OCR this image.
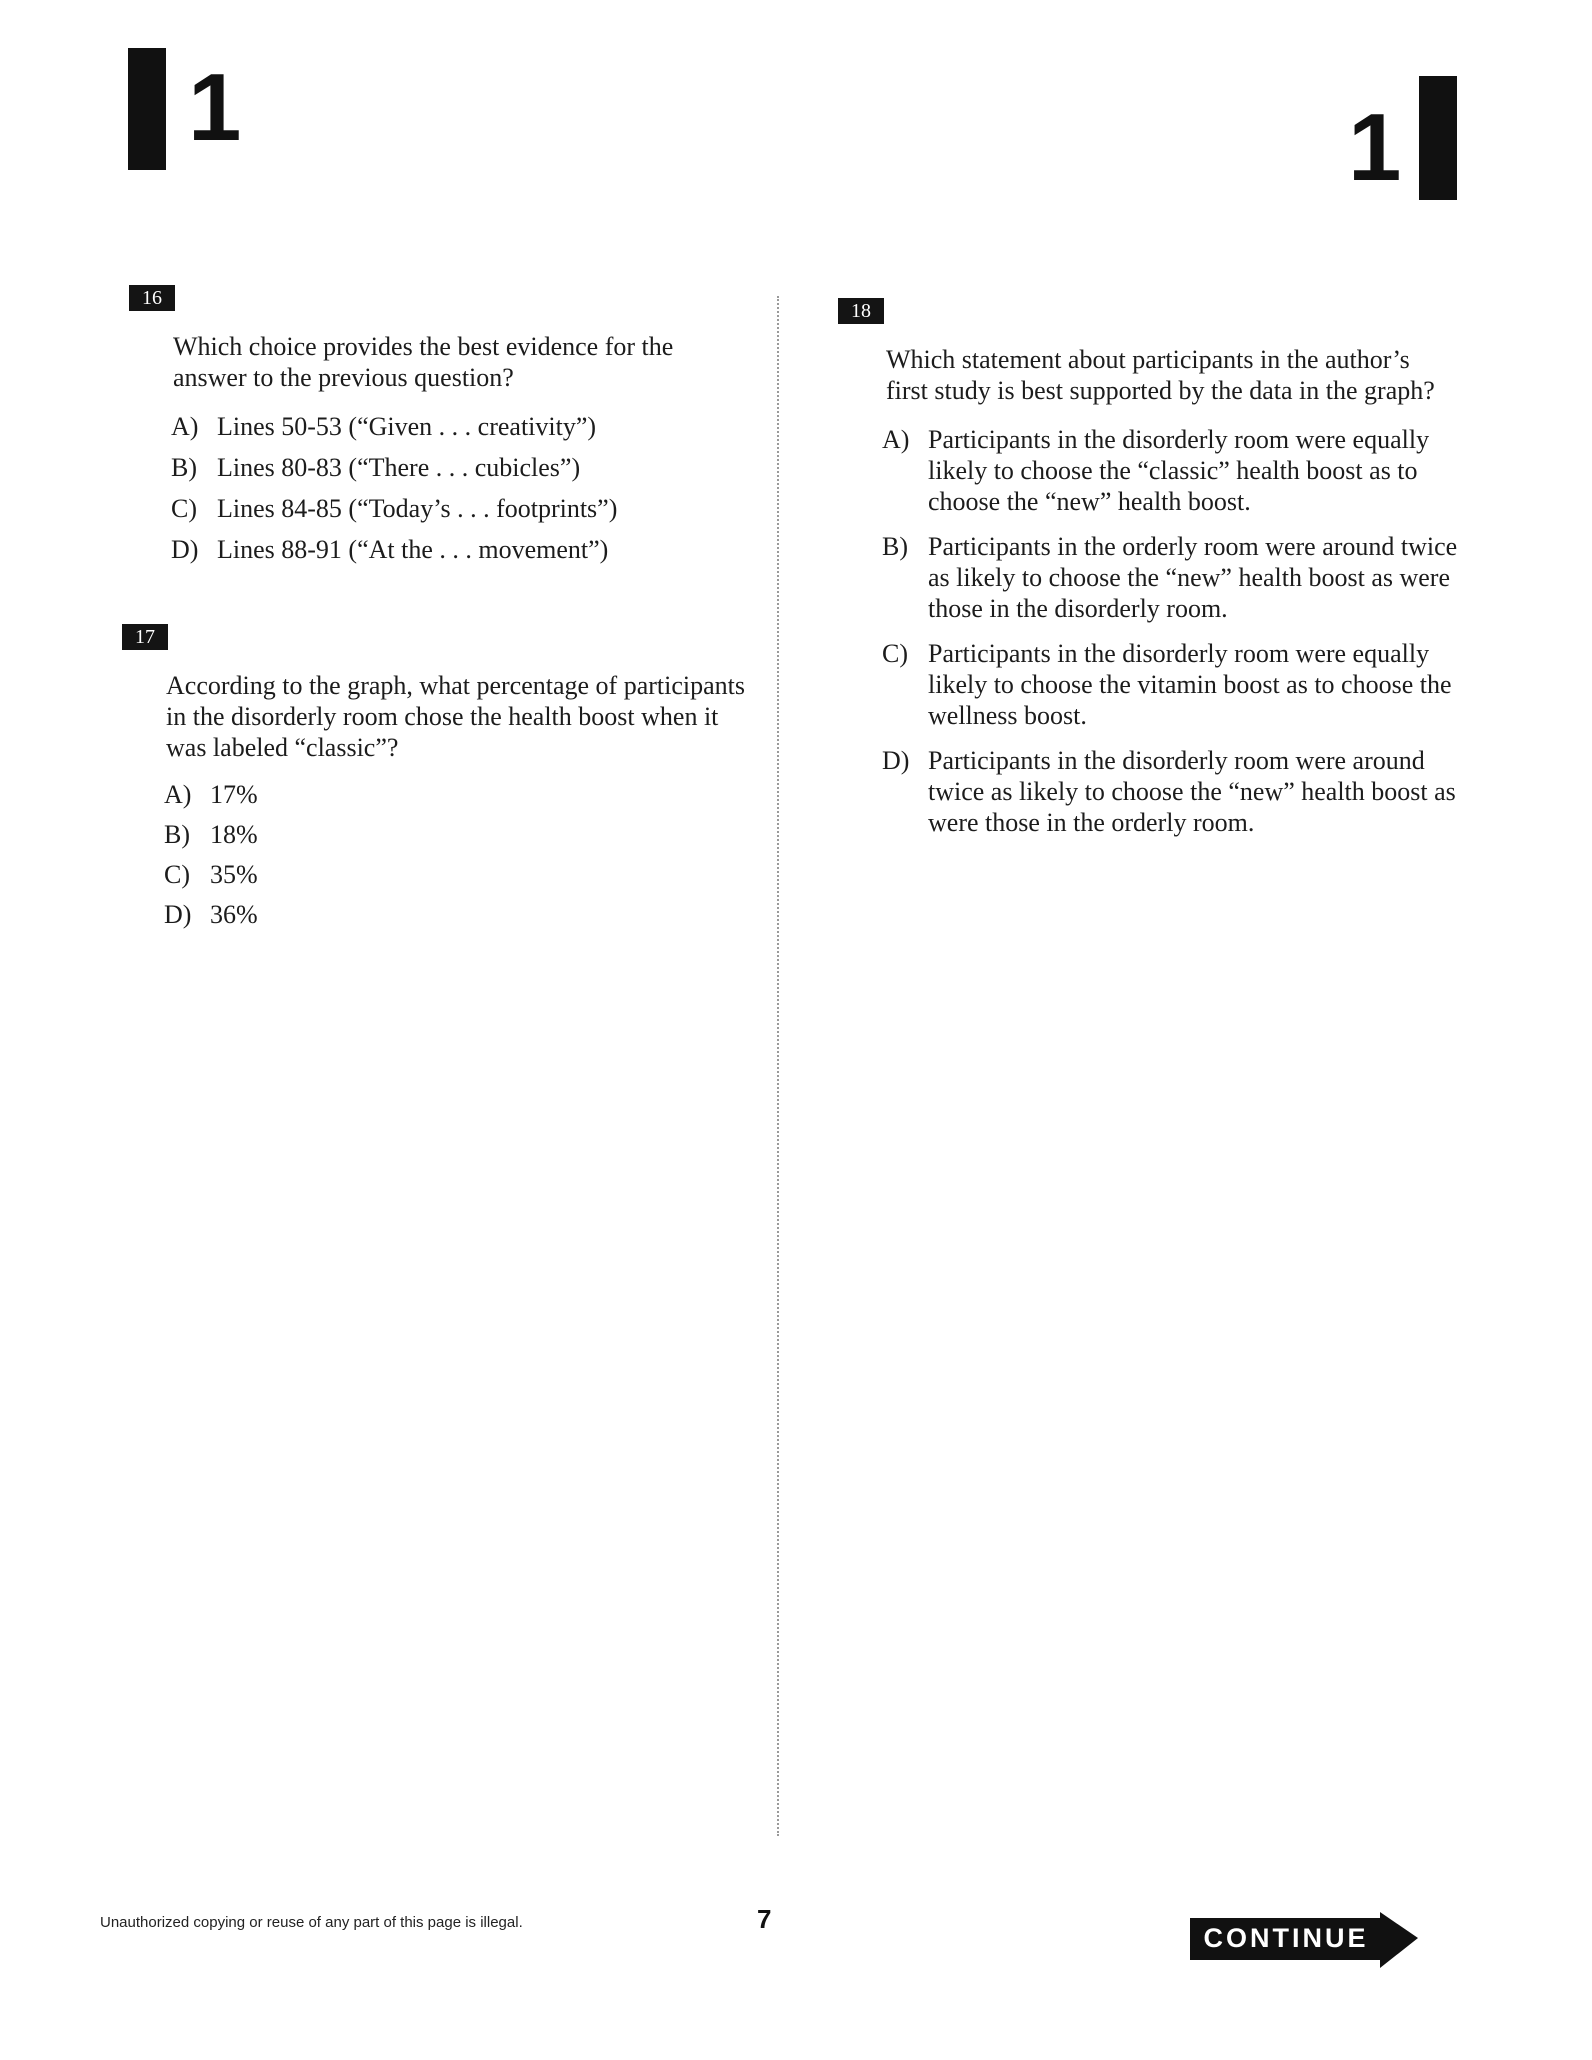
1	1
16

Which choice provides the best evidence for the answer to the previous question?

A) Lines 50-53 (“Given . . . creativity”)
B) Lines 80-83 (“There . . . cubicles”)
C) Lines 84-85 (“Today’s . . . footprints”)
D) Lines 88-91 (“At the . . . movement”)
17

According to the graph, what percentage of participants in the disorderly room chose the health boost when it was labeled “classic”?

A) 17%
B) 18%
C) 35%
D) 36%
18

Which statement about participants in the author’s first study is best supported by the data in the graph?

A) Participants in the disorderly room were equally likely to choose the “classic” health boost as to choose the “new” health boost.
B) Participants in the orderly room were around twice as likely to choose the “new” health boost as were those in the disorderly room.
C) Participants in the disorderly room were equally likely to choose the vitamin boost as to choose the wellness boost.
D) Participants in the disorderly room were around twice as likely to choose the “new” health boost as were those in the orderly room.
Unauthorized copying or reuse of any part of this page is illegal.	7
CONTINUE
